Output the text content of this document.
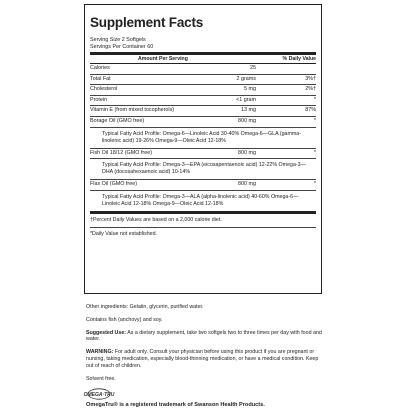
Supplement Facts
Serving Size 2 Softgels
Servings Per Container 60
Amount Per Serving	% Daily Value
Calories	25
Total Fat	2 grams	3%†
Cholesterol	5 mg	2%†
Protein	<1 gram	*
Vitamin E (from mixed tocopherols)	13 mg	87%
Borage Oil (GMO free)	800 mg	*
Typical Fatty Acid Profile: Omega-6—Linoleic Acid 30-40% Omega-6—GLA (gamma-linolenic acid) 19-26% Omega-9—Oleic Acid 12-18%
Fish Oil 18/12 (GMO free)	800 mg	*
Typical Fatty Acid Profile: Omega-3—EPA (eicosapentaenoic acid) 12-22% Omega-3—DHA (docosahexaenoic acid) 10-14%
Flax Oil (GMO free)	800 mg	*
Typical Fatty Acid Profile: Omega-3—ALA (alpha-linolenic acid) 40-60% Omega-6—Linoleic Acid 12-18% Omega-9—Oleic Acid 12-18%
†Percent Daily Values are based on a 2,000 calorie diet.
*Daily Value not established.

Other ingredients: Gelatin, glycerin, purified water.

Contains fish (anchovy) and soy.

Suggested Use: As a dietary supplement, take two softgels two to three times per day with food and water.

WARNING: For adult only. Consult your physician before using this product if you are pregnant or nursing, taking medication, especially blood-thinning medication, or have a medical condition. Keep out of reach of children.

Solvent free.

OMEGA·TRU
OmegaTru® is a registered trademark of Swanson Health Products.
